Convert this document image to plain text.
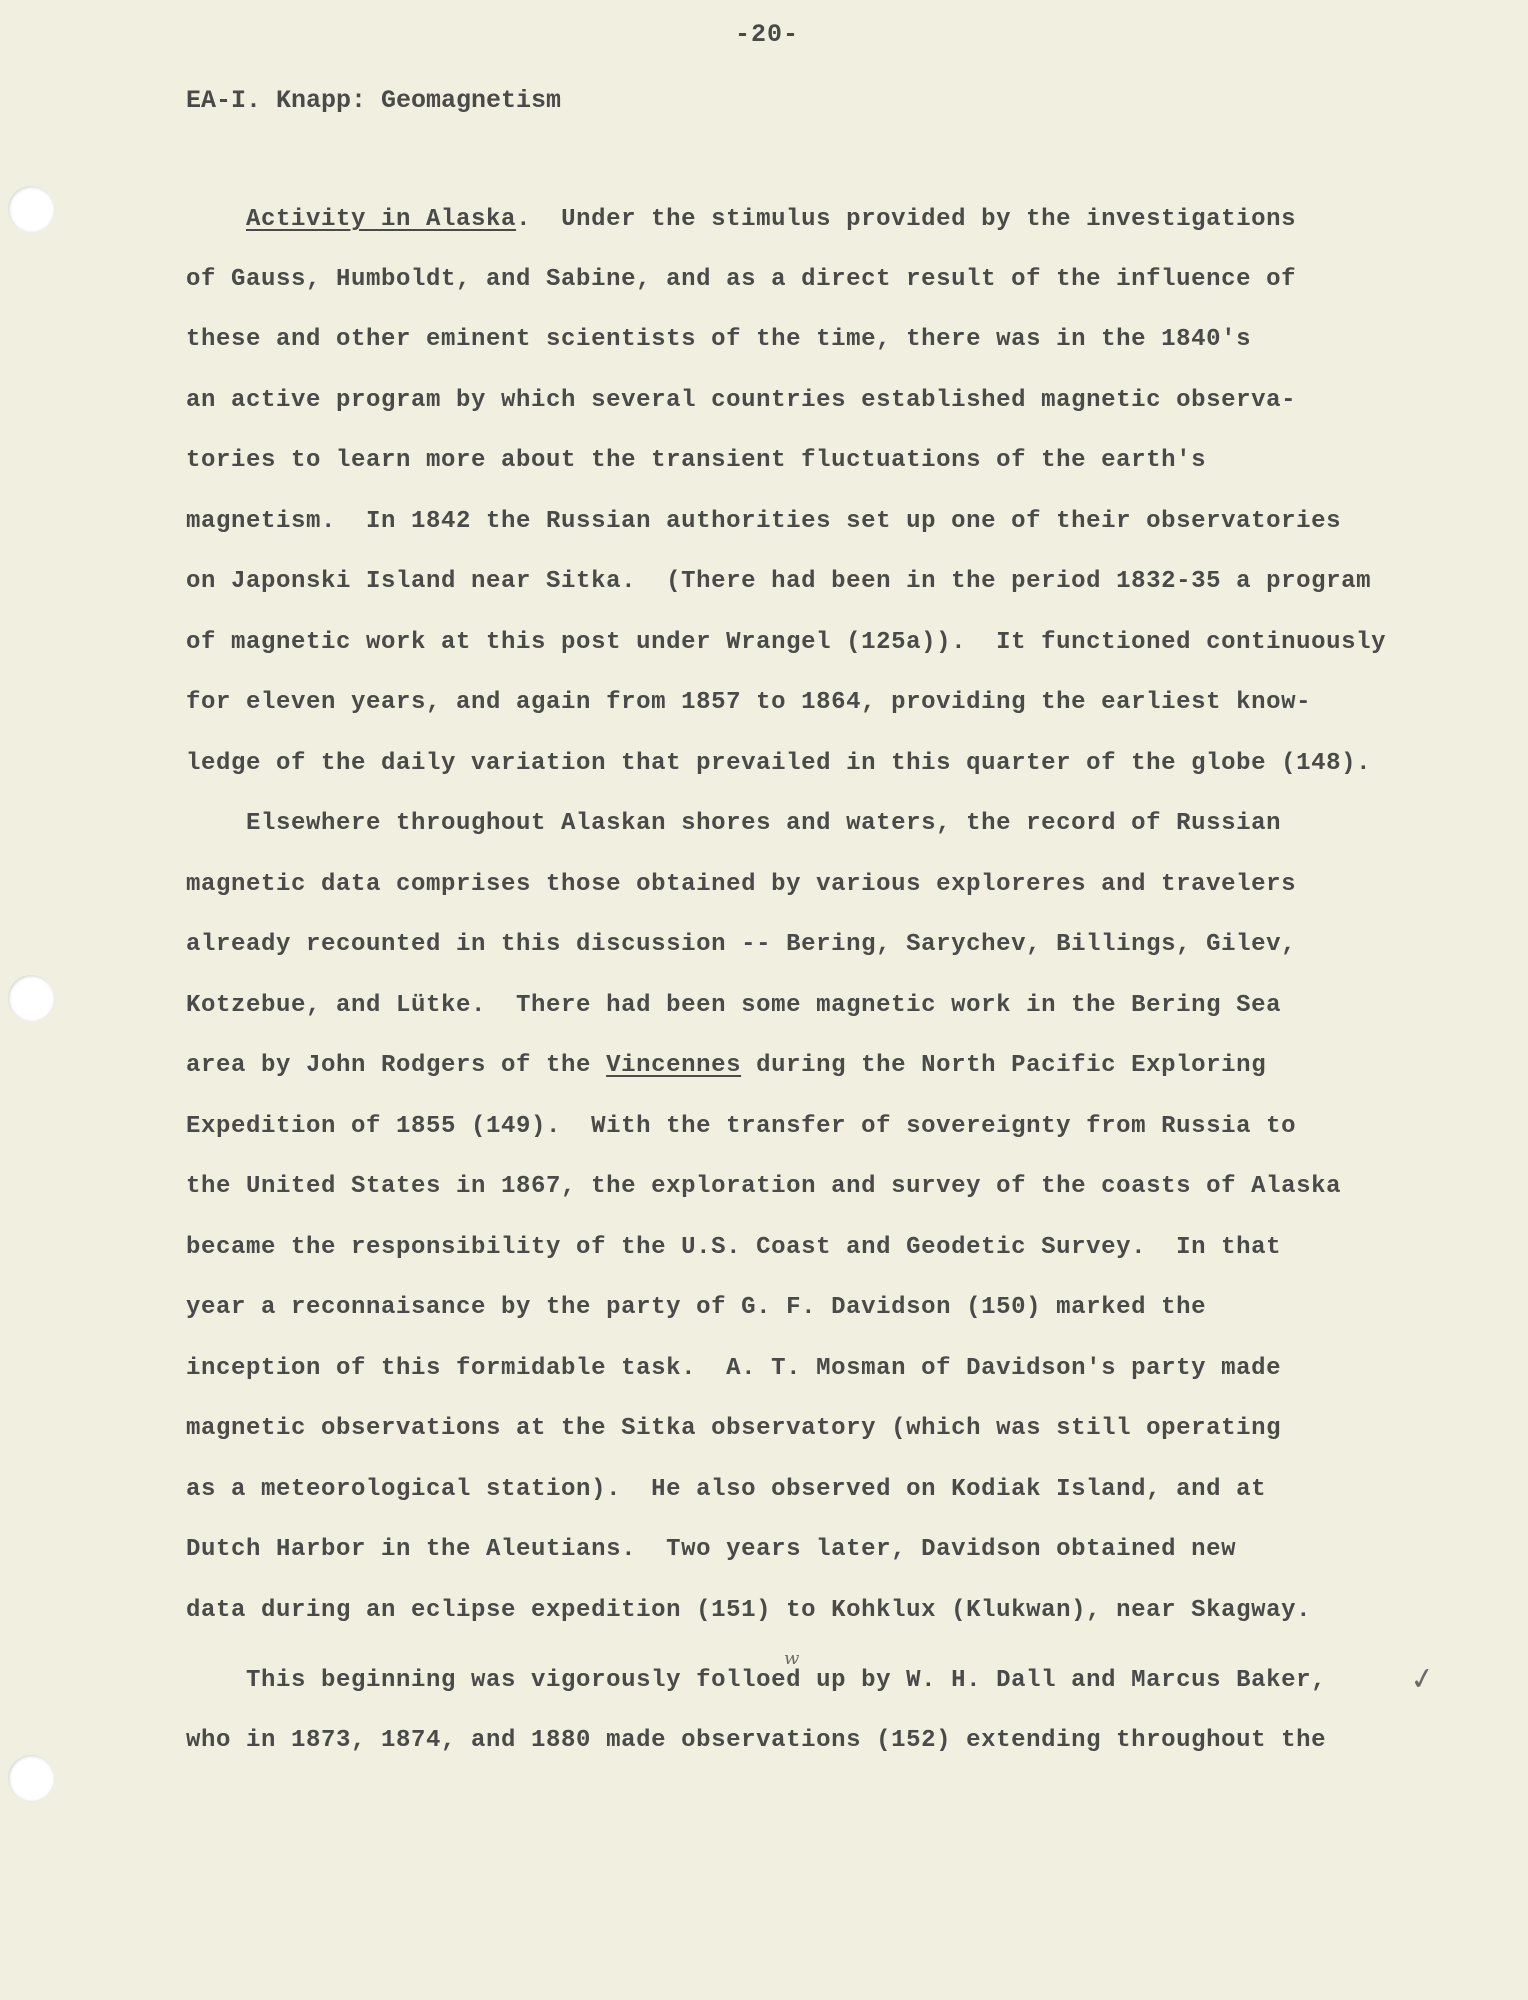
-20-
EA-I. Knapp: Geomagnetism
Activity in Alaska.  Under the stimulus provided by the investigations
of Gauss, Humboldt, and Sabine, and as a direct result of the influence of
these and other eminent scientists of the time, there was in the 1840's
an active program by which several countries established magnetic observa-
tories to learn more about the transient fluctuations of the earth's
magnetism.  In 1842 the Russian authorities set up one of their observatories
on Japonski Island near Sitka.  (There had been in the period 1832-35 a program
of magnetic work at this post under Wrangel (125a)).  It functioned continuously
for eleven years, and again from 1857 to 1864, providing the earliest know-
ledge of the daily variation that prevailed in this quarter of the globe (148).
Elsewhere throughout Alaskan shores and waters, the record of Russian
magnetic data comprises those obtained by various exploreres and travelers
already recounted in this discussion -- Bering, Sarychev, Billings, Gilev,
Kotzebue, and Lütke.  There had been some magnetic work in the Bering Sea
area by John Rodgers of the Vincennes during the North Pacific Exploring
Expedition of 1855 (149).  With the transfer of sovereignty from Russia to
the United States in 1867, the exploration and survey of the coasts of Alaska
became the responsibility of the U.S. Coast and Geodetic Survey.  In that
year a reconnaisance by the party of G. F. Davidson (150) marked the
inception of this formidable task.  A. T. Mosman of Davidson's party made
magnetic observations at the Sitka observatory (which was still operating
as a meteorological station).  He also observed on Kodiak Island, and at
Dutch Harbor in the Aleutians.  Two years later, Davidson obtained new
data during an eclipse expedition (151) to Kohklux (Klukwan), near Skagway.
This beginning was vigorously folloed up by W. H. Dall and Marcus Baker,
who in 1873, 1874, and 1880 made observations (152) extending throughout the
w
✓
